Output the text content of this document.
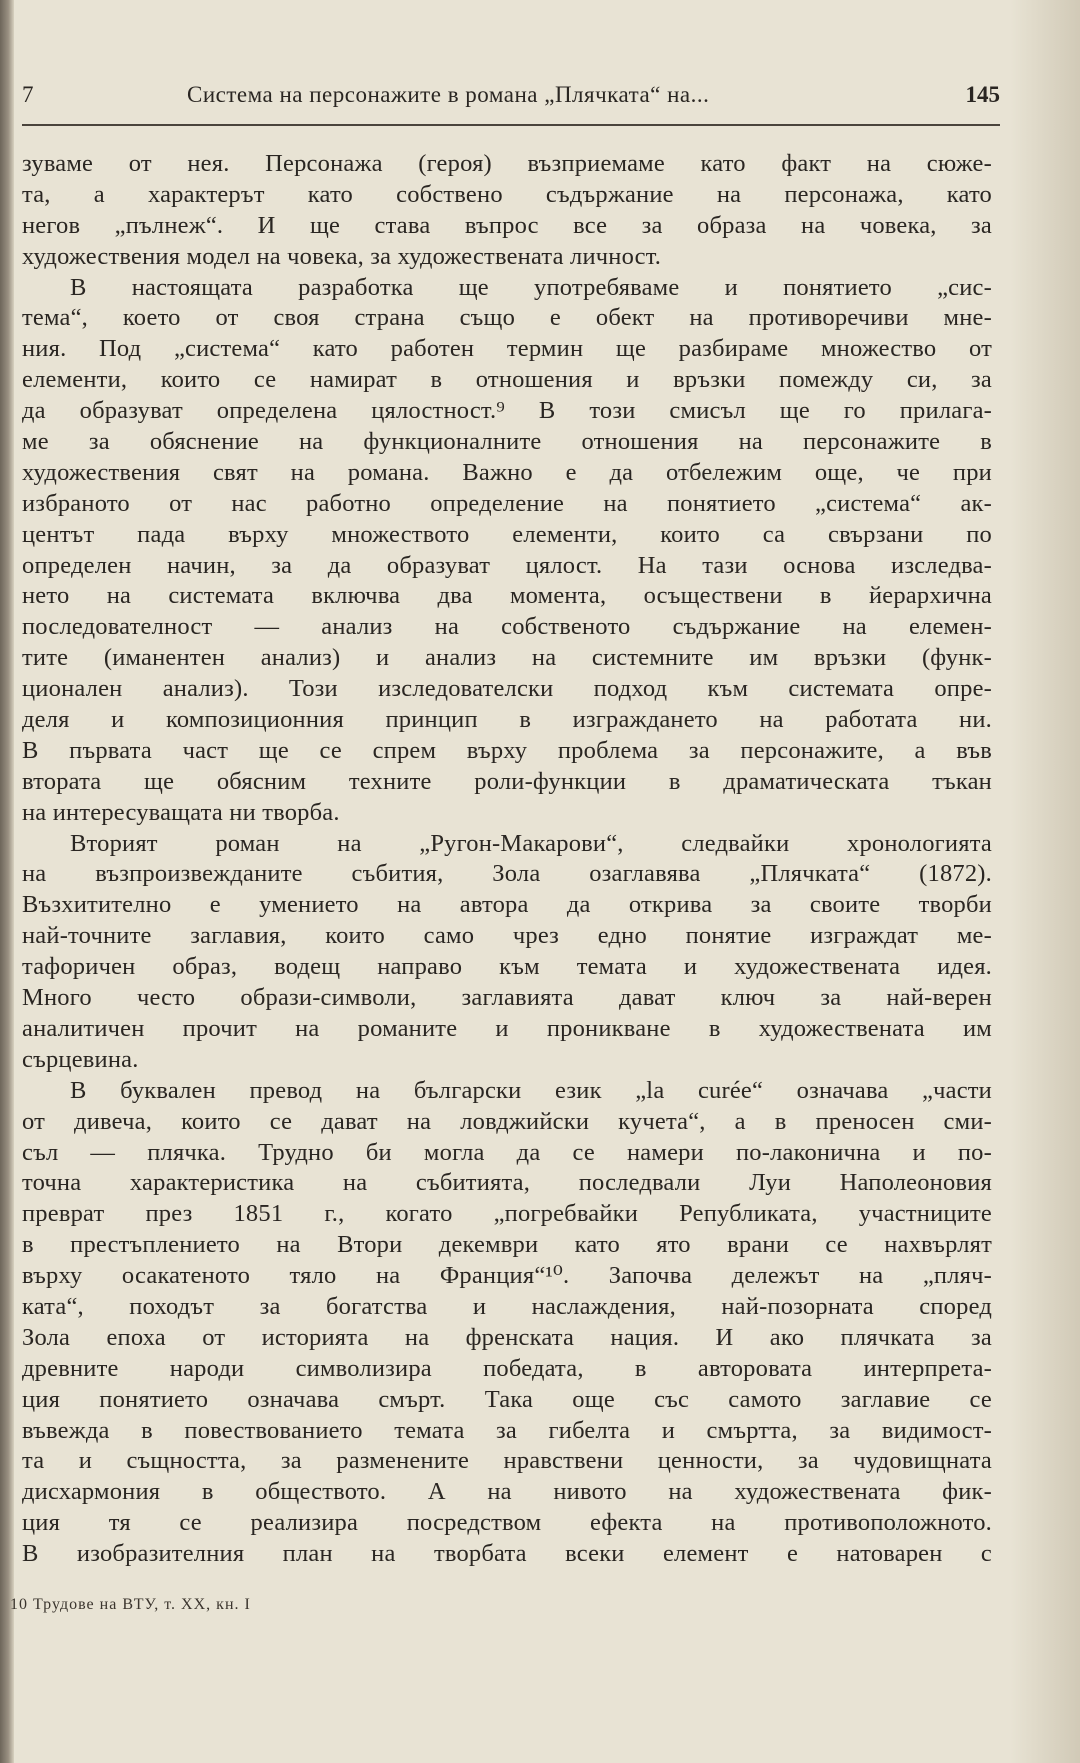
7	Система на персонажите в романа „Плячката“ на...	145
зуваме от нея. Персонажа (героя) възприемаме като факт на сюже-
та, а характерът като собствено съдържание на персонажа, като
негов „пълнеж“. И ще става въпрос все за образа на човека, за
художествения модел на човека, за художествената личност.
В настоящата разработка ще употребяваме и понятието „сис-
тема“, което от своя страна също е обект на противоречиви мне-
ния. Под „система“ като работен термин ще разбираме множество от
елементи, които се намират в отношения и връзки помежду си, за
да образуват определена цялостност.⁹ В този смисъл ще го прилага-
ме за обяснение на функционалните отношения на персонажите в
художествения свят на романа. Важно е да отбележим още, че при
избраното от нас работно определение на понятието „система“ ак-
центът пада върху множеството елементи, които са свързани по
определен начин, за да образуват цялост. На тази основа изследва-
нето на системата включва два момента, осъществени в йерархична
последователност — анализ на собственото съдържание на елемен-
тите (иманентен анализ) и анализ на системните им връзки (функ-
ционален анализ). Този изследователски подход към системата опре-
деля и композиционния принцип в изграждането на работата ни.
В първата част ще се спрем върху проблема за персонажите, а във
втората ще обясним техните роли-функции в драматическата тъкан
на интересуващата ни творба.
Вторият роман на „Ругон-Макарови“, следвайки хронологията
на възпроизвежданите събития, Зола озаглавява „Плячката“ (1872).
Възхитително е умението на автора да открива за своите творби
най-точните заглавия, които само чрез едно понятие изграждат ме-
тафоричен образ, водещ направо към темата и художествената идея.
Много често образи-символи, заглавията дават ключ за най-верен
аналитичен прочит на романите и проникване в художествената им
сърцевина.
В буквален превод на български език „la curée“ означава „части
от дивеча, които се дават на ловджийски кучета“, а в преносен сми-
съл — плячка. Трудно би могла да се намери по-лаконична и по-
точна характеристика на събитията, последвали Луи Наполеоновия
преврат през 1851 г., когато „погребвайки Републиката, участниците
в престъплението на Втори декември като ято врани се нахвърлят
върху осакатеното тяло на Франция“¹⁰. Започва дележът на „пляч-
ката“, походът за богатства и наслаждения, най-позорната според
Зола епоха от историята на френската нация. И ако плячката за
древните народи символизира победата, в авторовата интерпрета-
ция понятието означава смърт. Така още със самото заглавие се
въвежда в повествованието темата за гибелта и смъртта, за видимост-
та и същността, за разменените нравствени ценности, за чудовищната
дисхармония в обществото. А на нивото на художествената фик-
ция тя се реализира посредством ефекта на противоположното.
В изобразителния план на творбата всеки елемент е натоварен с
10 Трудове на ВТУ, т. XX, кн. I
